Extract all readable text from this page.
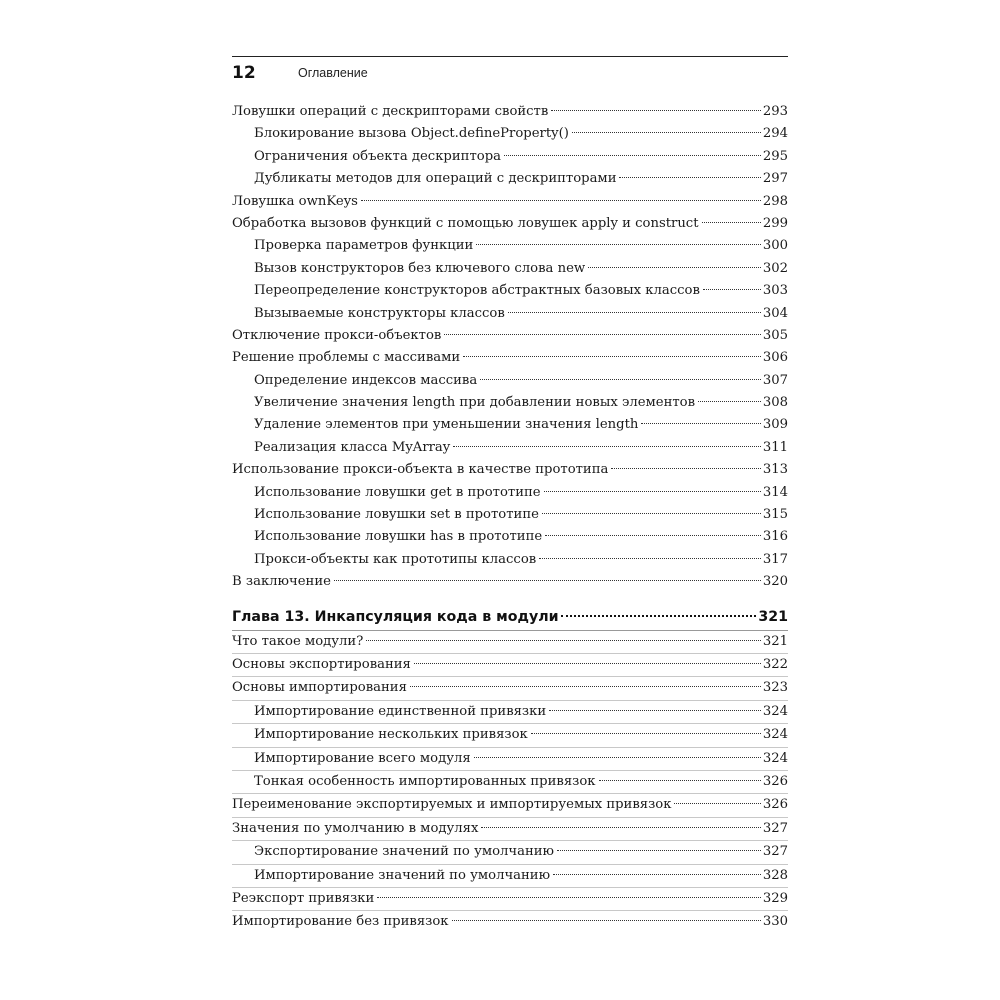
12	Оглавление
Ловушки операций с дескрипторами свойств	293
Блокирование вызова Object.defineProperty()	294
Ограничения объекта дескриптора	295
Дубликаты методов для операций с дескрипторами	297
Ловушка ownKeys	298
Обработка вызовов функций с помощью ловушек apply и construct	299
Проверка параметров функции	300
Вызов конструкторов без ключевого слова new	302
Переопределение конструкторов абстрактных базовых классов	303
Вызываемые конструкторы классов	304
Отключение прокси-объектов	305
Решение проблемы с массивами	306
Определение индексов массива	307
Увеличение значения length при добавлении новых элементов	308
Удаление элементов при уменьшении значения length	309
Реализация класса MyArray	311
Использование прокси-объекта в качестве прототипа	313
Использование ловушки get в прототипе	314
Использование ловушки set в прототипе	315
Использование ловушки has в прототипе	316
Прокси-объекты как прототипы классов	317
В заключение	320
Глава 13. Инкапсуляция кода в модули	321
Что такое модули?	321
Основы экспортирования	322
Основы импортирования	323
Импортирование единственной привязки	324
Импортирование нескольких привязок	324
Импортирование всего модуля	324
Тонкая особенность импортированных привязок	326
Переименование экспортируемых и импортируемых привязок	326
Значения по умолчанию в модулях	327
Экспортирование значений по умолчанию	327
Импортирование значений по умолчанию	328
Реэкспорт привязки	329
Импортирование без привязок	330
